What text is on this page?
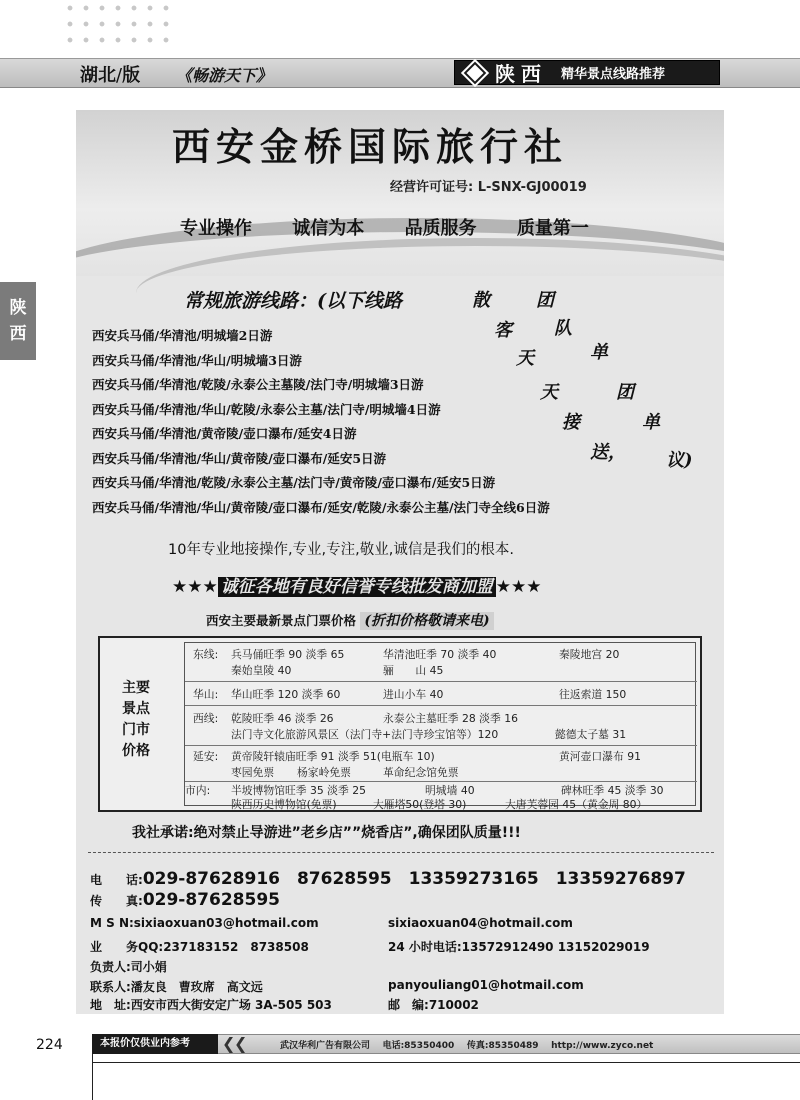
湖北/版 《畅游天下》	陕西 精华景点线路推荐
陕
西
西安金桥国际旅行社
经营许可证号: L-SNX-GJ00019
专业操作 诚信为本 品质服务 质量第一
常规旅游线路：(以下线路	散	团
客 队
天	单
天	团
接	单
送， 议)
西安兵马俑/华清池/明城墙2日游
西安兵马俑/华清池/华山/明城墙3日游
西安兵马俑/华清池/乾陵/永泰公主墓陵/法门寺/明城墙3日游
西安兵马俑/华清池/华山/乾陵/永泰公主墓/法门寺/明城墙4日游
西安兵马俑/华清池/黄帝陵/壶口瀑布/延安4日游
西安兵马俑/华清池/华山/黄帝陵/壶口瀑布/延安5日游
西安兵马俑/华清池/乾陵/永泰公主墓/法门寺/黄帝陵/壶口瀑布/延安5日游
西安兵马俑/华清池/华山/黄帝陵/壶口瀑布/延安/乾陵/永泰公主墓/法门寺全线6日游
10年专业地接操作,专业,专注,敬业,诚信是我们的根本.
★★★ 诚征各地有良好信誉专线批发商加盟 ★★★
西安主要最新景点门票价格 (折扣价格敬请来电)
主要
景点
门市
价格
东线: 兵马俑旺季 90 淡季 65	华清池旺季 70 淡季 40	秦陵地宫 20
秦始皇陵 40	骊　　山 45
华山: 华山旺季 120 淡季 60	进山小车 40	往返索道 150
西线: 乾陵旺季 46 淡季 26	永泰公主墓旺季 28 淡季 16
法门寺文化旅游风景区（法门寺+法门寺珍宝馆等）120	懿德太子墓 31
延安: 黄帝陵轩辕庙旺季 91 淡季 51(电瓶车 10)	黄河壶口瀑布 91
枣园免票 杨家岭免票	革命纪念馆免票
市内: 半坡博物馆旺季 35 淡季 25	明城墙 40	碑林旺季 45 淡季 30
陕西历史博物馆(免票)	大雁塔50(登塔 30)	大唐芙蓉园 45（黄金周 80）
我社承诺:绝对禁止导游进”老乡店””烧香店”,确保团队质量!!!
电　　话:029-87628916　87628595　13359273165　13359276897
传　　真:029-87628595
M S N:sixiaoxuan03@hotmail.com	sixiaoxuan04@hotmail.com
业　　务QQ:237183152　8738508	24 小时电话:13572912490 13152029019
负责人:司小娟
联系人:潘友良　曹玫席　高文远	panyouliang01@hotmail.com
地　址:西安市西大街安定广场 3A-505 503	邮　编:710002
224	本报价仅供业内参考	❮
❮	武汉华利广告有限公司 电话:85350400 传真:85350489 http://www.zyco.net
